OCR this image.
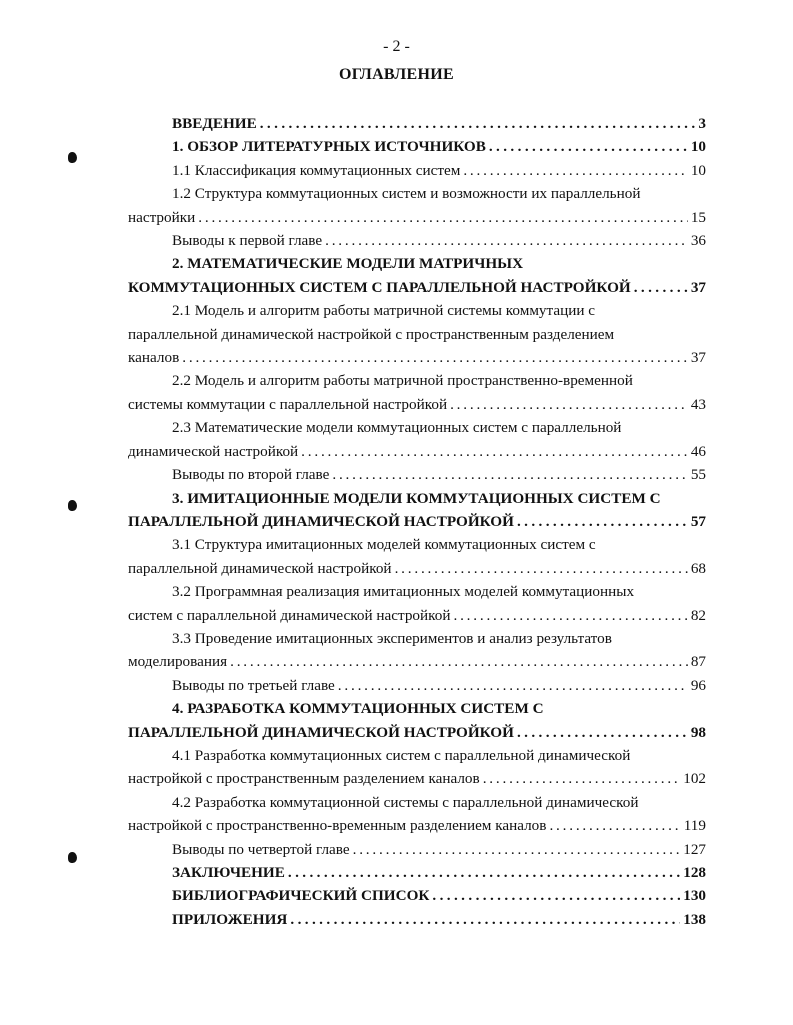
- 2 -
ОГЛАВЛЕНИЕ
ВВЕДЕНИЕ . . .	3
1. ОБЗОР ЛИТЕРАТУРНЫХ ИСТОЧНИКОВ . . .	10
1.1 Классификация коммутационных систем . . .	10
1.2 Структура коммутационных систем и возможности их параллельной
настройки . . .	15
Выводы к первой главе . . .	36
2. МАТЕМАТИЧЕСКИЕ МОДЕЛИ МАТРИЧНЫХ
КОММУТАЦИОННЫХ СИСТЕМ С ПАРАЛЛЕЛЬНОЙ НАСТРОЙКОЙ . . .	37
2.1 Модель и алгоритм работы матричной системы коммутации с
параллельной динамической настройкой с пространственным разделением
каналов . . .	37
2.2 Модель и алгоритм работы матричной пространственно-временной
системы коммутации с параллельной настройкой . . .	43
2.3 Математические модели коммутационных систем с параллельной
динамической настройкой . . .	46
Выводы по второй главе . . .	55
3. ИМИТАЦИОННЫЕ МОДЕЛИ КОММУТАЦИОННЫХ СИСТЕМ С
ПАРАЛЛЕЛЬНОЙ ДИНАМИЧЕСКОЙ НАСТРОЙКОЙ . . .	57
3.1 Структура имитационных моделей коммутационных систем с
параллельной динамической настройкой . . .	68
3.2 Программная реализация имитационных моделей коммутационных
систем с параллельной динамической настройкой . . .	82
3.3 Проведение имитационных экспериментов и анализ результатов
моделирования . . .	87
Выводы по третьей главе . . .	96
4. РАЗРАБОТКА КОММУТАЦИОННЫХ СИСТЕМ С
ПАРАЛЛЕЛЬНОЙ ДИНАМИЧЕСКОЙ НАСТРОЙКОЙ . . .	98
4.1 Разработка коммутационных систем с параллельной динамической
настройкой с пространственным разделением каналов . . .	102
4.2 Разработка коммутационной системы с параллельной динамической
настройкой с пространственно-временным разделением каналов . . .	119
Выводы по четвертой главе . . .	127
ЗАКЛЮЧЕНИЕ . . .	128
БИБЛИОГРАФИЧЕСКИЙ СПИСОК . . .	130
ПРИЛОЖЕНИЯ . . .	138
